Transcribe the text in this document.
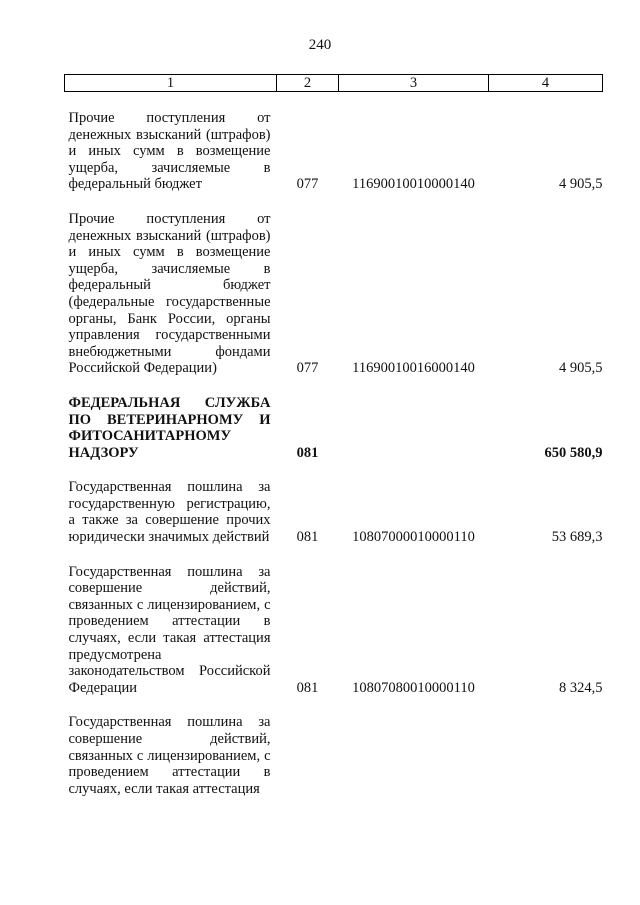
240
1	2	3	4

Прочие поступления от денежных взысканий (штрафов) и иных сумм в возмещение ущерба, зачисляемые в федеральный бюджет	077	11690010010000140	4 905,5

Прочие поступления от денежных взысканий (штрафов) и иных сумм в возмещение ущерба, зачисляемые в федеральный бюджет (федеральные государственные органы, Банк России, органы управления государственными внебюджетными фондами Российской Федерации)	077	11690010016000140	4 905,5

ФЕДЕРАЛЬНАЯ СЛУЖБА ПО ВЕТЕРИНАРНОМУ И ФИТОСАНИТАРНОМУ НАДЗОРУ	081		650 580,9

Государственная пошлина за государственную регистрацию, а также за совершение прочих юридически значимых действий	081	10807000010000110	53 689,3

Государственная пошлина за совершение действий, связанных с лицензированием, с проведением аттестации в случаях, если такая аттестация предусмотрена законодательством Российской Федерации	081	10807080010000110	8 324,5

Государственная пошлина за совершение действий, связанных с лицензированием, с проведением аттестации в случаях, если такая аттестация			
